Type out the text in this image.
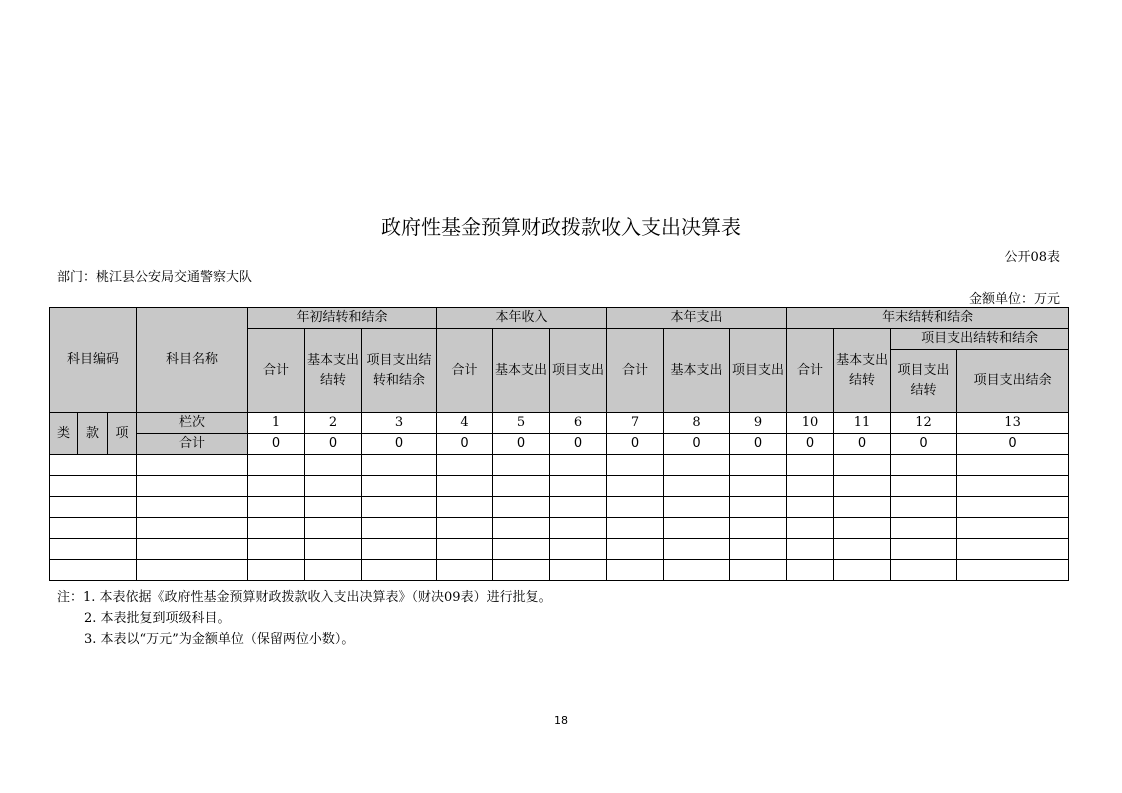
政府性基金预算财政拨款收入支出决算表
公开08表
部门：桃江县公安局交通警察大队
金额单位：万元
科目编码			科目名称	年初结转和结余			本年收入			本年支出			年末结转和结余			
				合计	基本支出结转	项目支出结转和结余	合计	基本支出	项目支出	合计	基本支出	项目支出	合计	基本支出结转	项目支出结转和结余	
															项目支出结转	项目支出结余
类	款	项	栏次	1	2	3	4	5	6	7	8	9	10	11	12	13
			合计	0	0	0	0	0	0	0	0	0	0	0	0	0

注：1. 本表依据《政府性基金预算财政拨款收入支出决算表》（财决09表）进行批复。
2. 本表批复到项级科目。
3. 本表以“万元”为金额单位（保留两位小数）。
18
